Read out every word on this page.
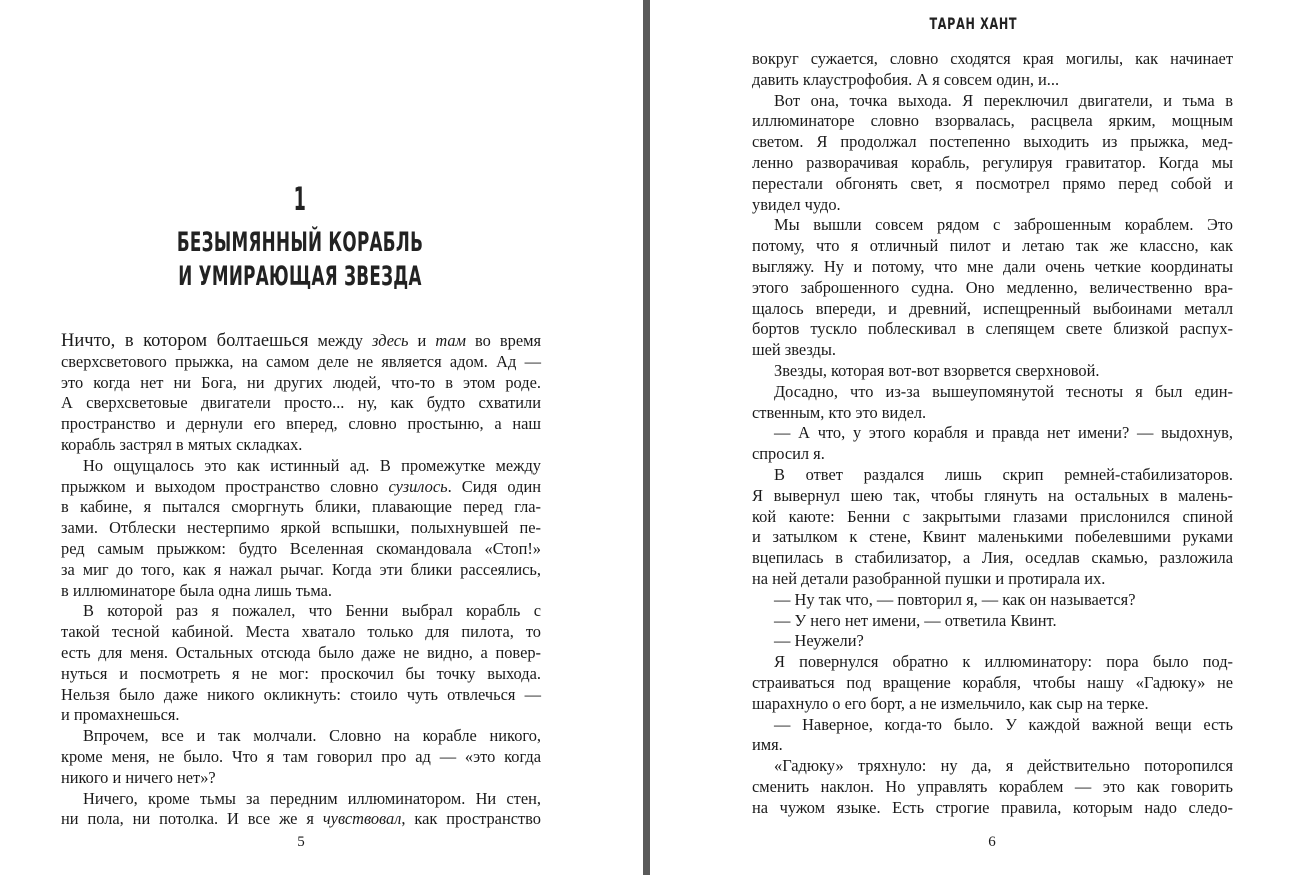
1
БЕЗЫМЯННЫЙ КОРАБЛЬ
И УМИРАЮЩАЯ ЗВЕЗДА
Ничто, в котором болтаешься между здесь и там во время
сверхсветового прыжка, на самом деле не является адом. Ад —
это когда нет ни Бога, ни других людей, что-то в этом роде.
А сверхсветовые двигатели просто... ну, как будто схватили
пространство и дернули его вперед, словно простыню, а наш
корабль застрял в мятых складках.
Но ощущалось это как истинный ад. В промежутке между
прыжком и выходом пространство словно сузилось. Сидя один
в кабине, я пытался сморгнуть блики, плавающие перед гла-
зами. Отблески нестерпимо яркой вспышки, полыхнувшей пе-
ред самым прыжком: будто Вселенная скомандовала «Стоп!»
за миг до того, как я нажал рычаг. Когда эти блики рассеялись,
в иллюминаторе была одна лишь тьма.
В которой раз я пожалел, что Бенни выбрал корабль с
такой тесной кабиной. Места хватало только для пилота, то
есть для меня. Остальных отсюда было даже не видно, а повер-
нуться и посмотреть я не мог: проскочил бы точку выхода.
Нельзя было даже никого окликнуть: стоило чуть отвлечься —
и промахнешься.
Впрочем, все и так молчали. Словно на корабле никого,
кроме меня, не было. Что я там говорил про ад — «это когда
никого и ничего нет»?
Ничего, кроме тьмы за передним иллюминатором. Ни стен,
ни пола, ни потолка. И все же я чувствовал, как пространство
5
ТАРАН ХАНТ
6
вокруг сужается, словно сходятся края могилы, как начинает
давить клаустрофобия. А я совсем один, и...
Вот она, точка выхода. Я переключил двигатели, и тьма в
иллюминаторе словно взорвалась, расцвела ярким, мощным
светом. Я продолжал постепенно выходить из прыжка, мед-
ленно разворачивая корабль, регулируя гравитатор. Когда мы
перестали обгонять свет, я посмотрел прямо перед собой и
увидел чудо.
Мы вышли совсем рядом с заброшенным кораблем. Это
потому, что я отличный пилот и летаю так же классно, как
выгляжу. Ну и потому, что мне дали очень четкие координаты
этого заброшенного судна. Оно медленно, величественно вра-
щалось впереди, и древний, испещренный выбоинами металл
бортов тускло поблескивал в слепящем свете близкой распух-
шей звезды.
Звезды, которая вот-вот взорвется сверхновой.
Досадно, что из-за вышеупомянутой тесноты я был един-
ственным, кто это видел.
— А что, у этого корабля и правда нет имени? — выдохнув,
спросил я.
В ответ раздался лишь скрип ремней-стабилизаторов.
Я вывернул шею так, чтобы глянуть на остальных в малень-
кой каюте: Бенни с закрытыми глазами прислонился спиной
и затылком к стене, Квинт маленькими побелевшими руками
вцепилась в стабилизатор, а Лия, оседлав скамью, разложила
на ней детали разобранной пушки и протирала их.
— Ну так что, — повторил я, — как он называется?
— У него нет имени, — ответила Квинт.
— Неужели?
Я повернулся обратно к иллюминатору: пора было под-
страиваться под вращение корабля, чтобы нашу «Гадюку» не
шарахнуло о его борт, а не измельчило, как сыр на терке.
— Наверное, когда-то было. У каждой важной вещи есть
имя.
«Гадюку» тряхнуло: ну да, я действительно поторопился
сменить наклон. Но управлять кораблем — это как говорить
на чужом языке. Есть строгие правила, которым надо следо-
